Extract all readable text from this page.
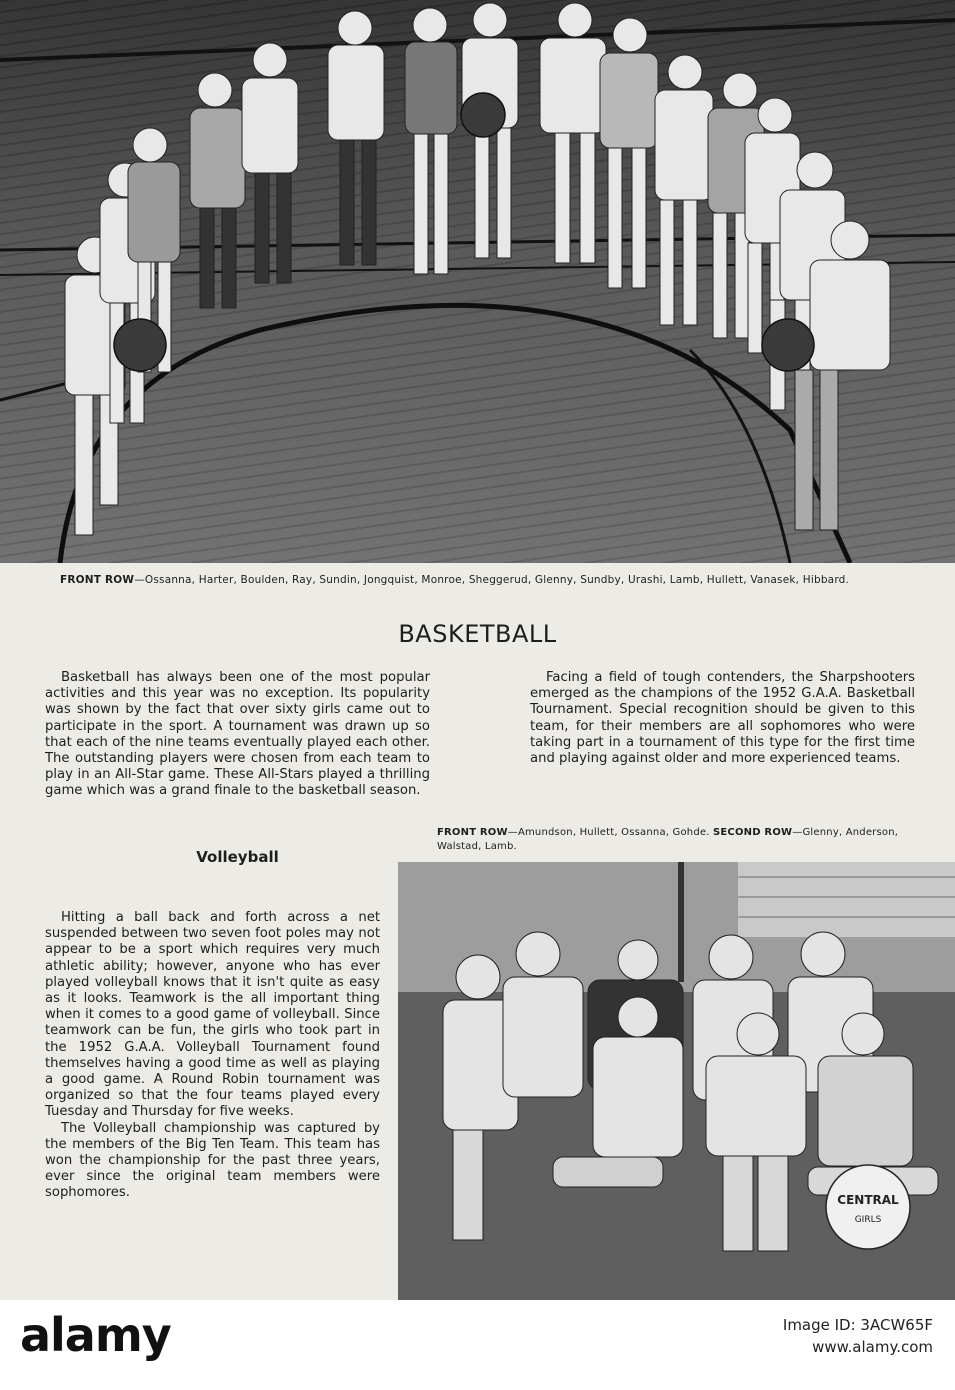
FRONT ROW—Ossanna, Harter, Boulden, Ray, Sundin, Jongquist, Monroe, Sheggerud, Glenny, Sundby, Urashi, Lamb, Hullett, Vanasek, Hibbard.
BASKETBALL

Basketball has always been one of the most popular activities and this year was no exception. Its popularity was shown by the fact that over sixty girls came out to participate in the sport. A tournament was drawn up so that each of the nine teams eventually played each other. The outstanding players were chosen from each team to play in an All-Star game. These All-Stars played a thrilling game which was a grand finale to the basketball season.

Facing a field of tough contenders, the Sharpshooters emerged as the champions of the 1952 G.A.A. Basketball Tournament. Special recognition should be given to this team, for their members are all sophomores who were taking part in a tournament of this type for the first time and playing against older and more experienced teams.

FRONT ROW—Amundson, Hullett, Ossanna, Gohde. SECOND ROW—Glenny, Anderson, Walstad, Lamb.
Volleyball

Hitting a ball back and forth across a net suspended between two seven foot poles may not appear to be a sport which requires very much athletic ability; however, anyone who has ever played volleyball knows that it isn't quite as easy as it looks. Teamwork is the all important thing when it comes to a good game of volleyball. Since teamwork can be fun, the girls who took part in the 1952 G.A.A. Volleyball Tournament found themselves having a good time as well as playing a good game. A Round Robin tournament was organized so that the four teams played every Tuesday and Thursday for five weeks.

The Volleyball championship was captured by the members of the Big Ten Team. This team has won the championship for the past three years, ever since the original team members were sophomores.	CENTRAL
GIRLS
alamy	Image ID: 3ACW65F
www.alamy.com
